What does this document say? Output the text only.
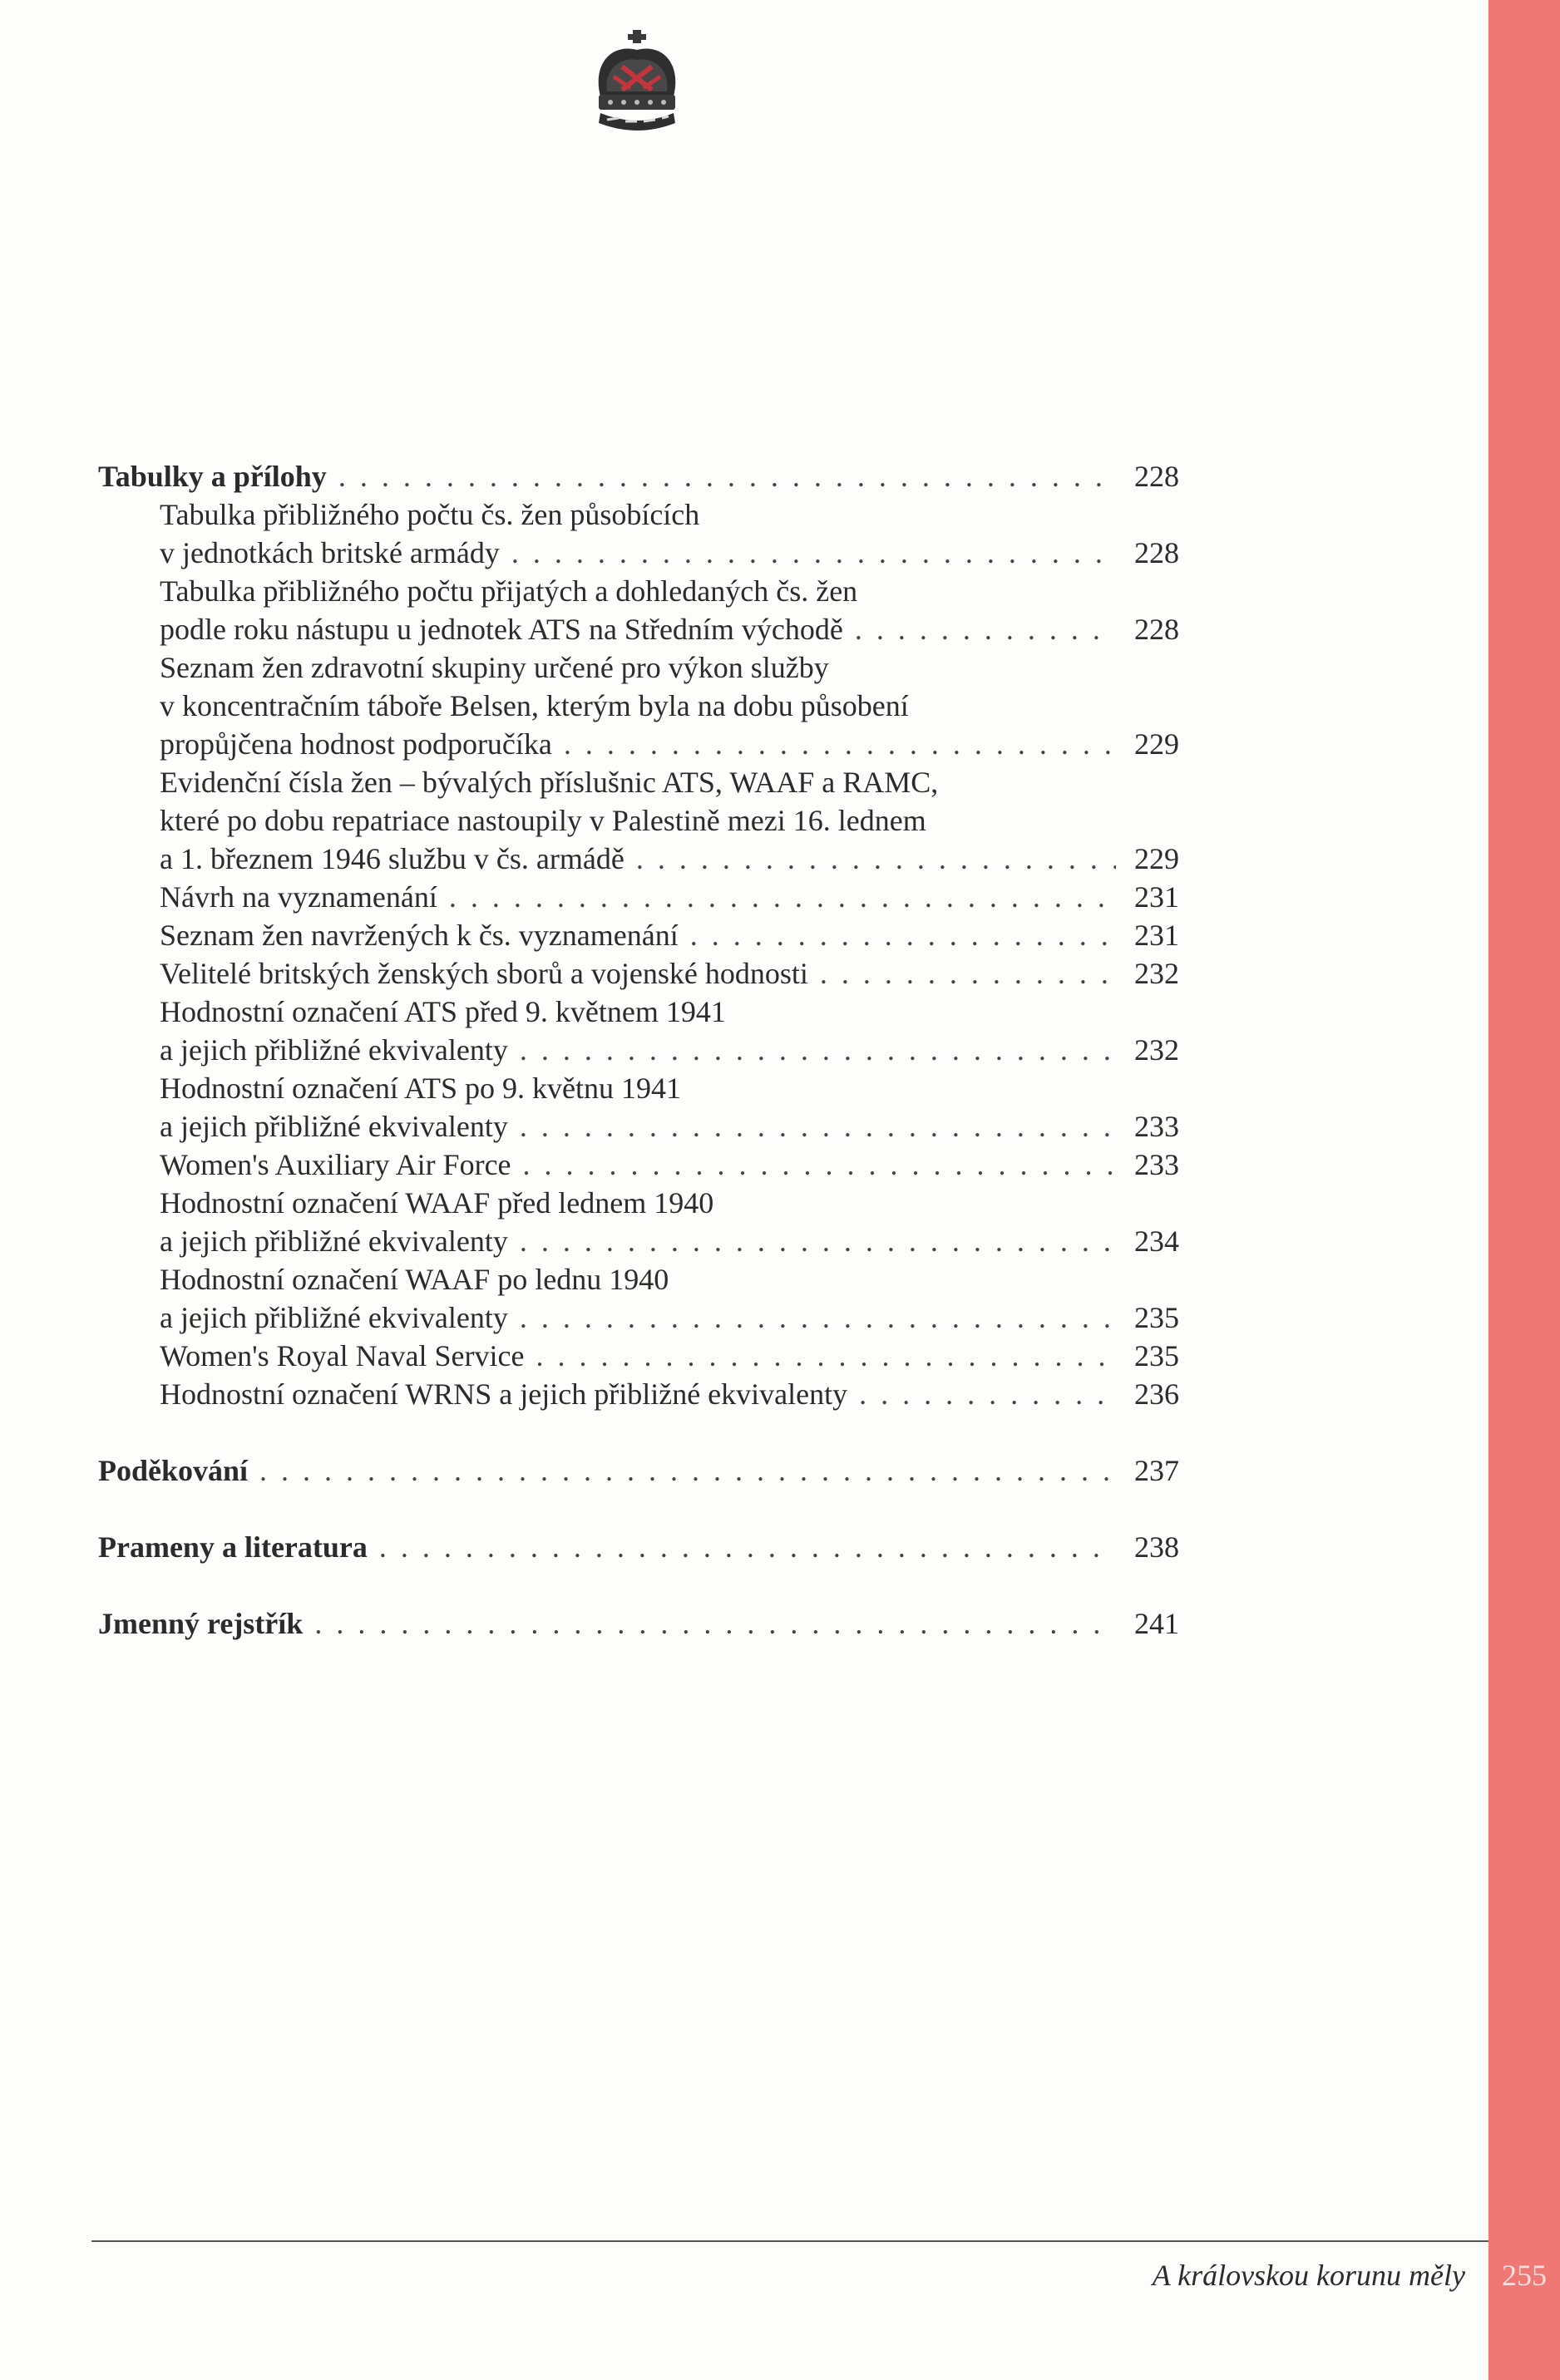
Tabulky a přílohy . . .	228
Tabulka přibližného počtu čs. žen působících
v jednotkách britské armády . . .	228
Tabulka přibližného počtu přijatých a dohledaných čs. žen
podle roku nástupu u jednotek ATS na Středním východě . . .	228
Seznam žen zdravotní skupiny určené pro výkon služby
v koncentračním táboře Belsen, kterým byla na dobu působení
propůjčena hodnost podporučíka . . .	229
Evidenční čísla žen – bývalých příslušnic ATS, WAAF a RAMC,
které po dobu repatriace nastoupily v Palestině mezi 16. lednem
a 1. březnem 1946 službu v čs. armádě . . .	229
Návrh na vyznamenání . . .	231
Seznam žen navržených k čs. vyznamenání . . .	231
Velitelé britských ženských sborů a vojenské hodnosti . . .	232
Hodnostní označení ATS před 9. květnem 1941
a jejich přibližné ekvivalenty . . .	232
Hodnostní označení ATS po 9. květnu 1941
a jejich přibližné ekvivalenty . . .	233
Women's Auxiliary Air Force . . .	233
Hodnostní označení WAAF před lednem 1940
a jejich přibližné ekvivalenty . . .	234
Hodnostní označení WAAF po lednu 1940
a jejich přibližné ekvivalenty . . .	235
Women's Royal Naval Service . . .	235
Hodnostní označení WRNS a jejich přibližné ekvivalenty . . .	236
Poděkování . . .	237
Prameny a literatura . . .	238
Jmenný rejstřík . . .	241
A královskou korunu měly	255
